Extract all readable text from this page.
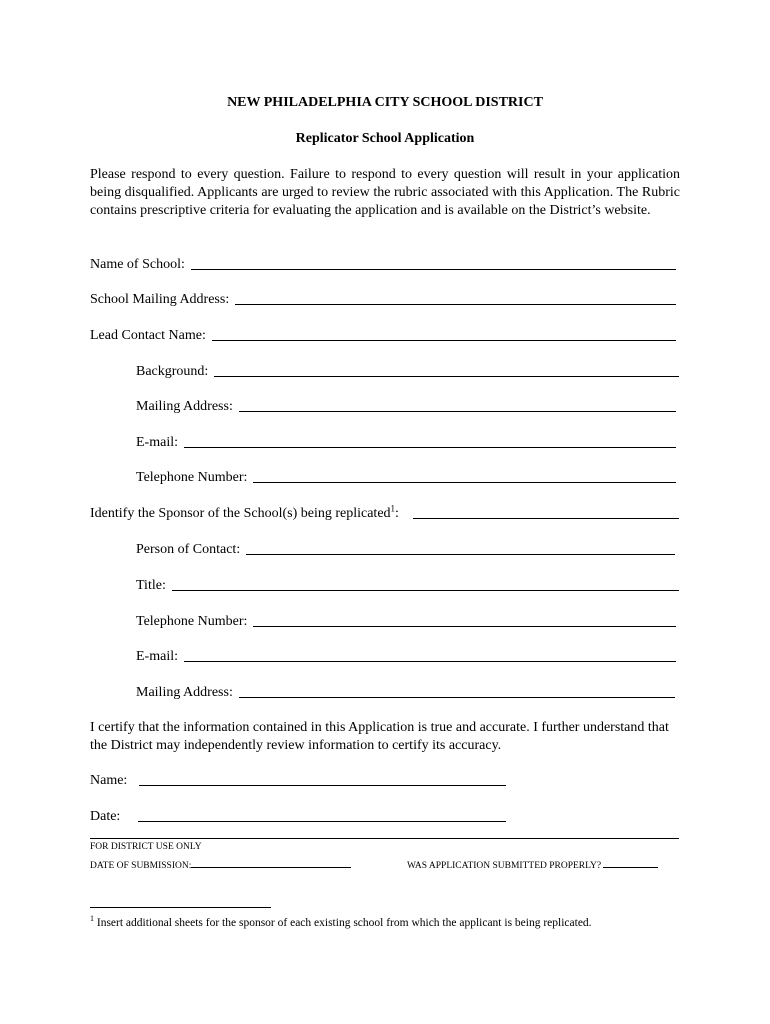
NEW PHILADELPHIA CITY SCHOOL DISTRICT
Replicator School Application
Please respond to every question. Failure to respond to every question will result in your application being disqualified. Applicants are urged to review the rubric associated with this Application. The Rubric contains prescriptive criteria for evaluating the application and is available on the District’s website.
Name of School:
School Mailing Address:
Lead Contact Name:
Background:
Mailing Address:
E-mail:
Telephone Number:
Identify the Sponsor of the School(s) being replicated$^1$:
Person of Contact:
Title:
Telephone Number:
E-mail:
Mailing Address:
I certify that the information contained in this Application is true and accurate. I further understand that the District may independently review information to certify its accuracy.
Name:
Date:
FOR DISTRICT USE ONLY
DATE OF SUBMISSION:	WAS APPLICATION SUBMITTED PROPERLY?
$^1$ Insert additional sheets for the sponsor of each existing school from which the applicant is being replicated.
